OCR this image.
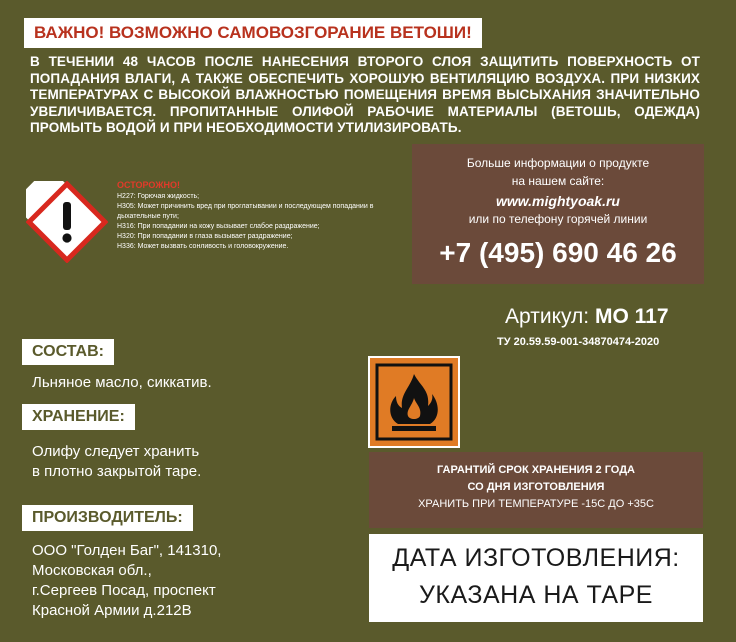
ВАЖНО! ВОЗМОЖНО САМОВОЗГОРАНИЕ ВЕТОШИ!
В ТЕЧЕНИИ 48 ЧАСОВ ПОСЛЕ НАНЕСЕНИЯ ВТОРОГО СЛОЯ ЗАЩИТИТЬ ПОВЕРХНОСТЬ ОТ ПОПАДАНИЯ ВЛАГИ, А ТАКЖЕ ОБЕСПЕЧИТЬ ХОРОШУЮ ВЕНТИЛЯЦИЮ ВОЗДУХА. ПРИ НИЗКИХ ТЕМПЕРАТУРАХ С ВЫСОКОЙ ВЛАЖНОСТЬЮ ПОМЕЩЕНИЯ ВРЕМЯ ВЫСЫХАНИЯ ЗНАЧИТЕЛЬНО УВЕЛИЧИВАЕТСЯ. ПРОПИТАННЫЕ ОЛИФОЙ РАБОЧИЕ МАТЕРИАЛЫ (ВЕТОШЬ, ОДЕЖДА) ПРОМЫТЬ ВОДОЙ И ПРИ НЕОБХОДИМОСТИ УТИЛИЗИРОВАТЬ.
ОСТОРОЖНО!
H227: Горючая жидкость;
H305: Может причинить вред при проглатывании и последующем попадании в дыхательные пути;
H316: При попадании на кожу вызывает слабое раздражение;
H320: При попадании в глаза вызывает раздражение;
H336: Может вызвать сонливость и головокружение.
Больше информации о продукте
на нашем сайте:
www.mightyoak.ru
или по телефону горячей линии
+7 (495) 690 46 26
Артикул: МО 117
ТУ 20.59.59-001-34870474-2020
СОСТАВ:
Льняное масло, сиккатив.
ХРАНЕНИЕ:
Олифу следует хранить
в плотно закрытой таре.
ПРОИЗВОДИТЕЛЬ:
ООО "Голден Баг", 141310,
Московская обл.,
г.Сергеев Посад, проспект
Красной Армии д.212В
ГАРАНТИЙ СРОК ХРАНЕНИЯ 2 ГОДА
СО ДНЯ ИЗГОТОВЛЕНИЯ
ХРАНИТЬ ПРИ ТЕМПЕРАТУРЕ -15С ДО +35С
ДАТА ИЗГОТОВЛЕНИЯ:
УКАЗАНА НА ТАРЕ
